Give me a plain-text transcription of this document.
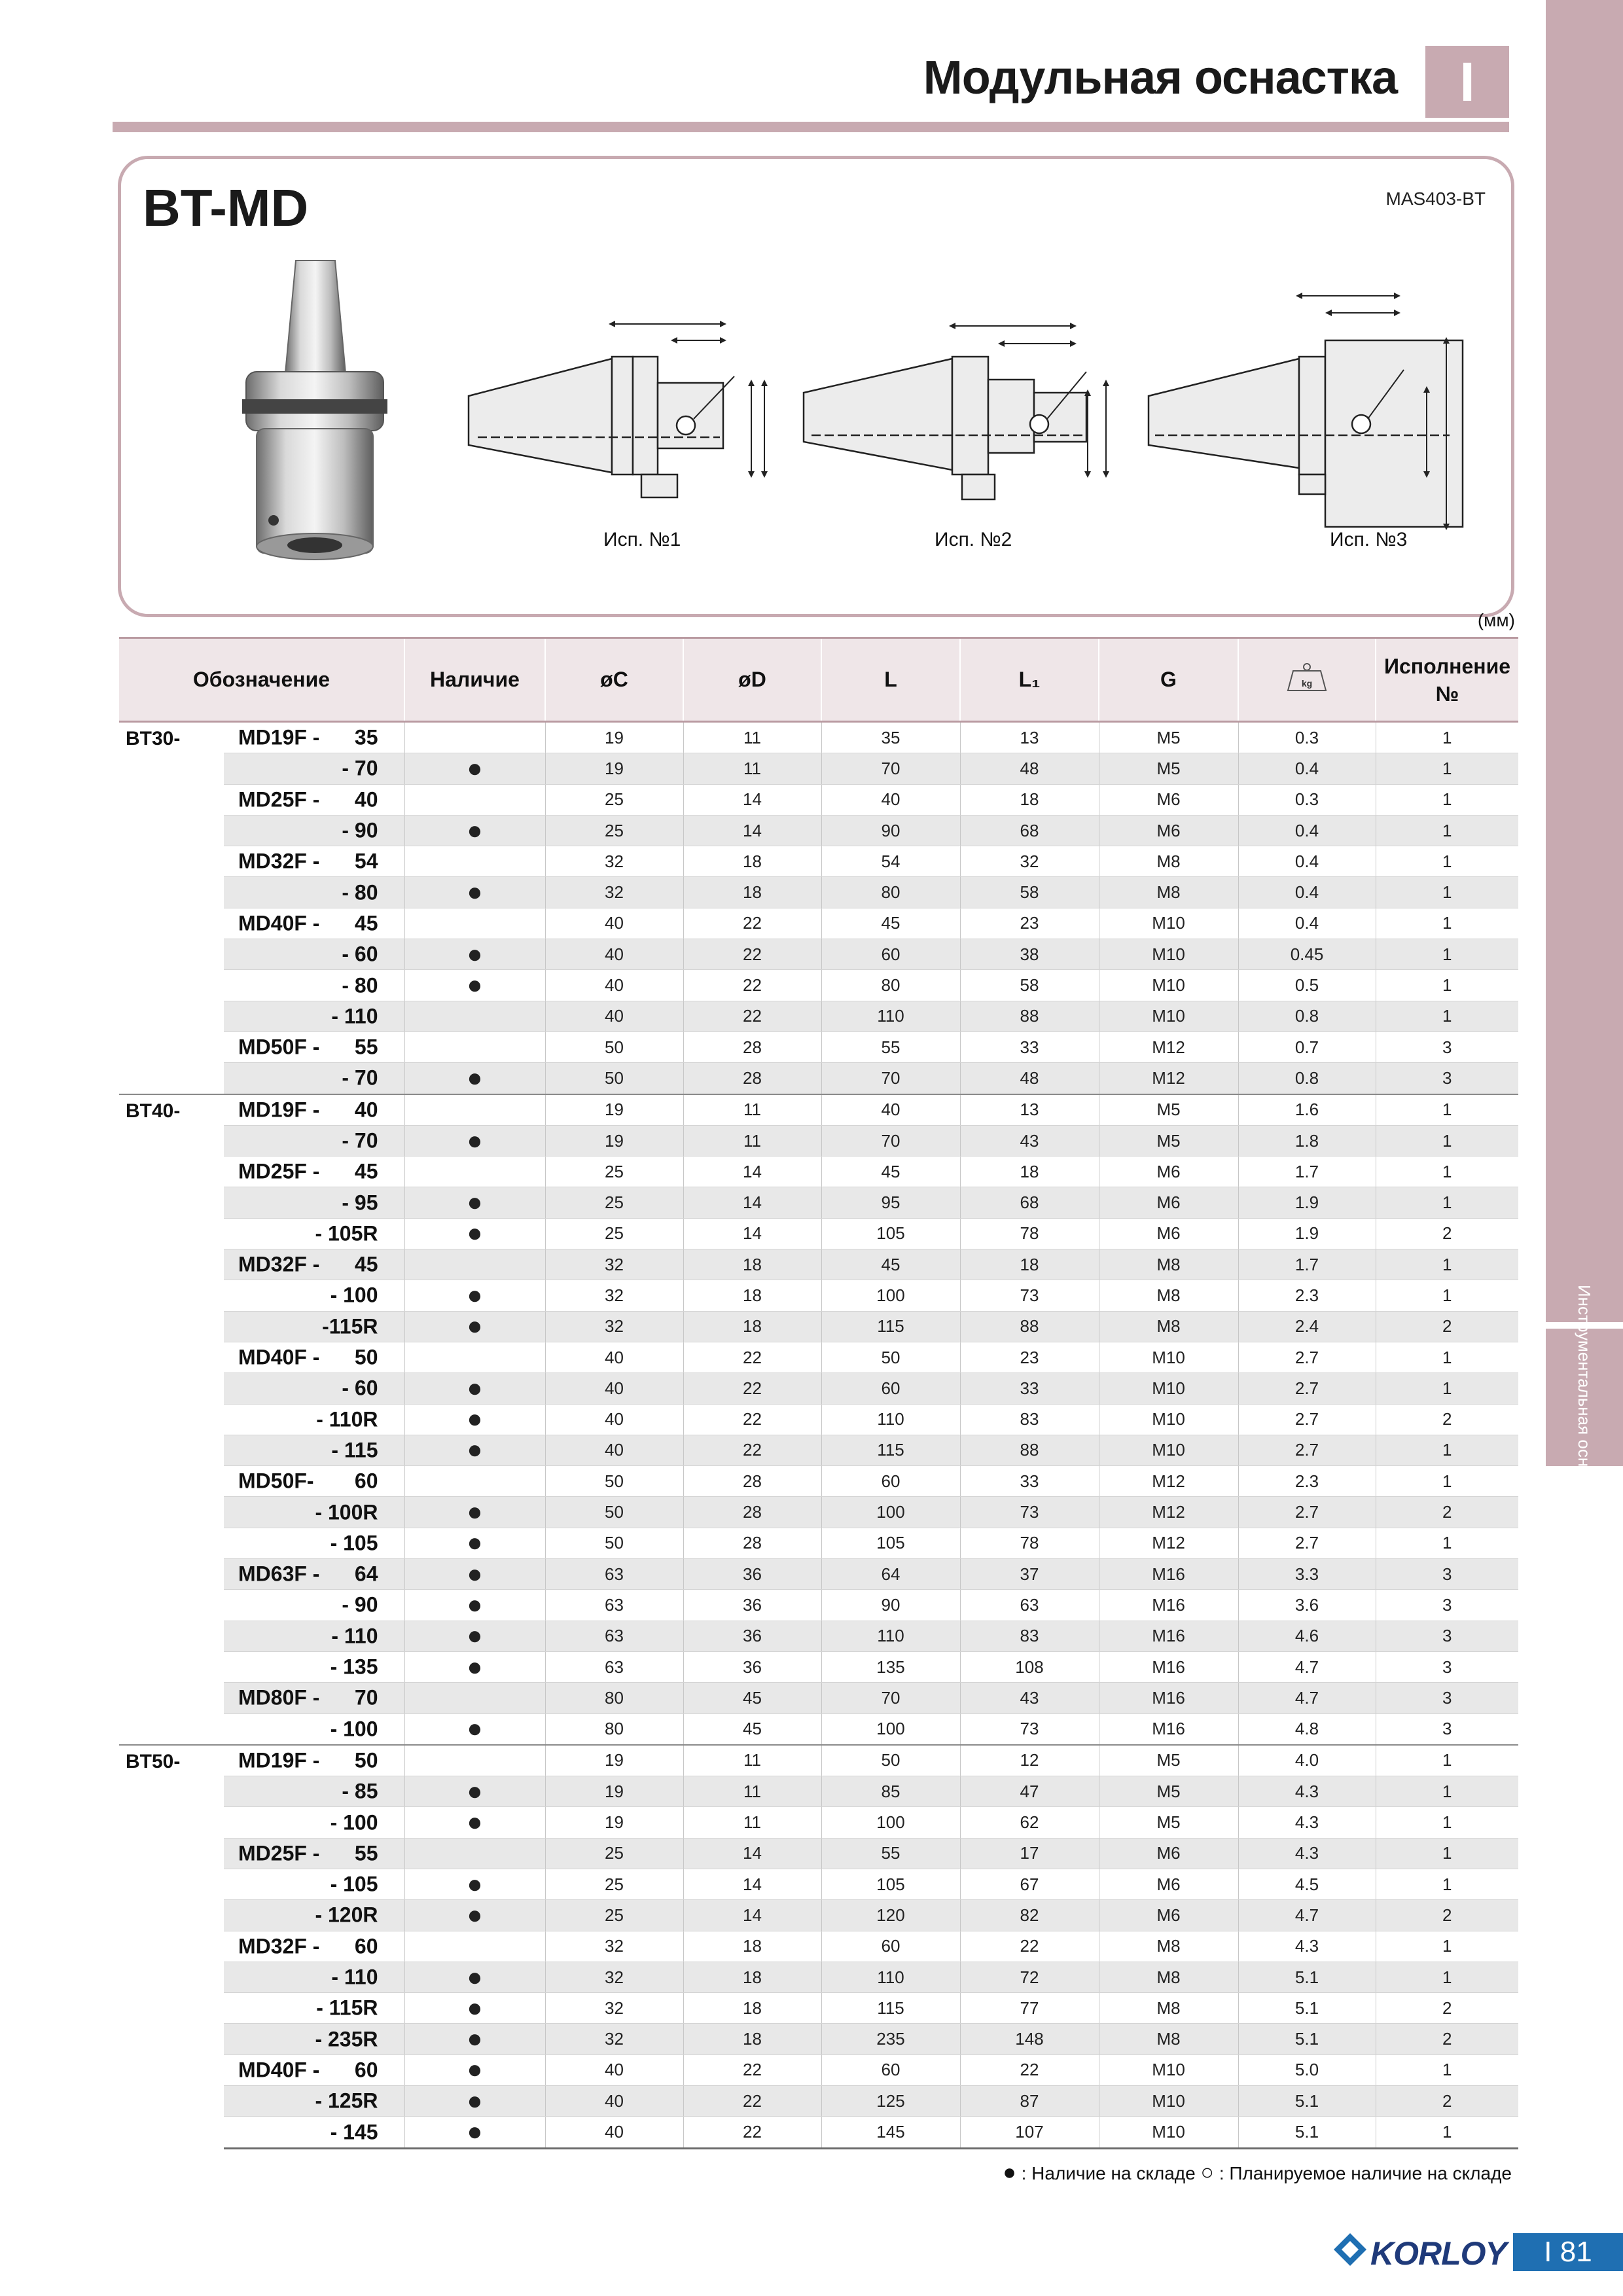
Модульная оснастка	I
Инструментальная оснастка
BT-MD	MAS403-BT
Исп. №1	Исп. №2	Исп. №3
(мм)
Обозначение		Наличие	øC	øD	L	L₁	G	kg	Исполнение №
BT30-	MD19F - 35		19	11	35	13	M5	0.3	1

	- 70	●	19	11	70	48	M5	0.4	1

	MD25F - 40		25	14	40	18	M6	0.3	1

	- 90	●	25	14	90	68	M6	0.4	1

	MD32F - 54		32	18	54	32	M8	0.4	1

	- 80	●	32	18	80	58	M8	0.4	1

	MD40F - 45		40	22	45	23	M10	0.4	1

	- 60	●	40	22	60	38	M10	0.45	1

	- 80	●	40	22	80	58	M10	0.5	1

	- 110		40	22	110	88	M10	0.8	1

	MD50F - 55		50	28	55	33	M12	0.7	3

	- 70	●	50	28	70	48	M12	0.8	3
BT40-	MD19F - 40		19	11	40	13	M5	1.6	1

	- 70	●	19	11	70	43	M5	1.8	1

	MD25F - 45		25	14	45	18	M6	1.7	1

	- 95	●	25	14	95	68	M6	1.9	1

	- 105R	●	25	14	105	78	M6	1.9	2

	MD32F - 45		32	18	45	18	M8	1.7	1

	- 100	●	32	18	100	73	M8	2.3	1

	-115R	●	32	18	115	88	M8	2.4	2

	MD40F - 50		40	22	50	23	M10	2.7	1

	- 60	●	40	22	60	33	M10	2.7	1

	- 110R	●	40	22	110	83	M10	2.7	2

	- 115	●	40	22	115	88	M10	2.7	1

	MD50F- 60		50	28	60	33	M12	2.3	1

	- 100R	●	50	28	100	73	M12	2.7	2

	- 105	●	50	28	105	78	M12	2.7	1

	MD63F - 64	●	63	36	64	37	M16	3.3	3

	- 90	●	63	36	90	63	M16	3.6	3

	- 110	●	63	36	110	83	M16	4.6	3

	- 135	●	63	36	135	108	M16	4.7	3

	MD80F - 70		80	45	70	43	M16	4.7	3

	- 100	●	80	45	100	73	M16	4.8	3
BT50-	MD19F - 50		19	11	50	12	M5	4.0	1

	- 85	●	19	11	85	47	M5	4.3	1

	- 100	●	19	11	100	62	M5	4.3	1

	MD25F - 55		25	14	55	17	M6	4.3	1

	- 105	●	25	14	105	67	M6	4.5	1

	- 120R	●	25	14	120	82	M6	4.7	2

	MD32F - 60		32	18	60	22	M8	4.3	1

	- 110	●	32	18	110	72	M8	5.1	1

	- 115R	●	32	18	115	77	M8	5.1	2

	- 235R	●	32	18	235	148	M8	5.1	2

	MD40F - 60	●	40	22	60	22	M10	5.0	1

	- 125R	●	40	22	125	87	M10	5.1	2

	- 145	●	40	22	145	107	M10	5.1	1
● : Наличие на складе ○ : Планируемое наличие на складе
KORLOY	I 81
